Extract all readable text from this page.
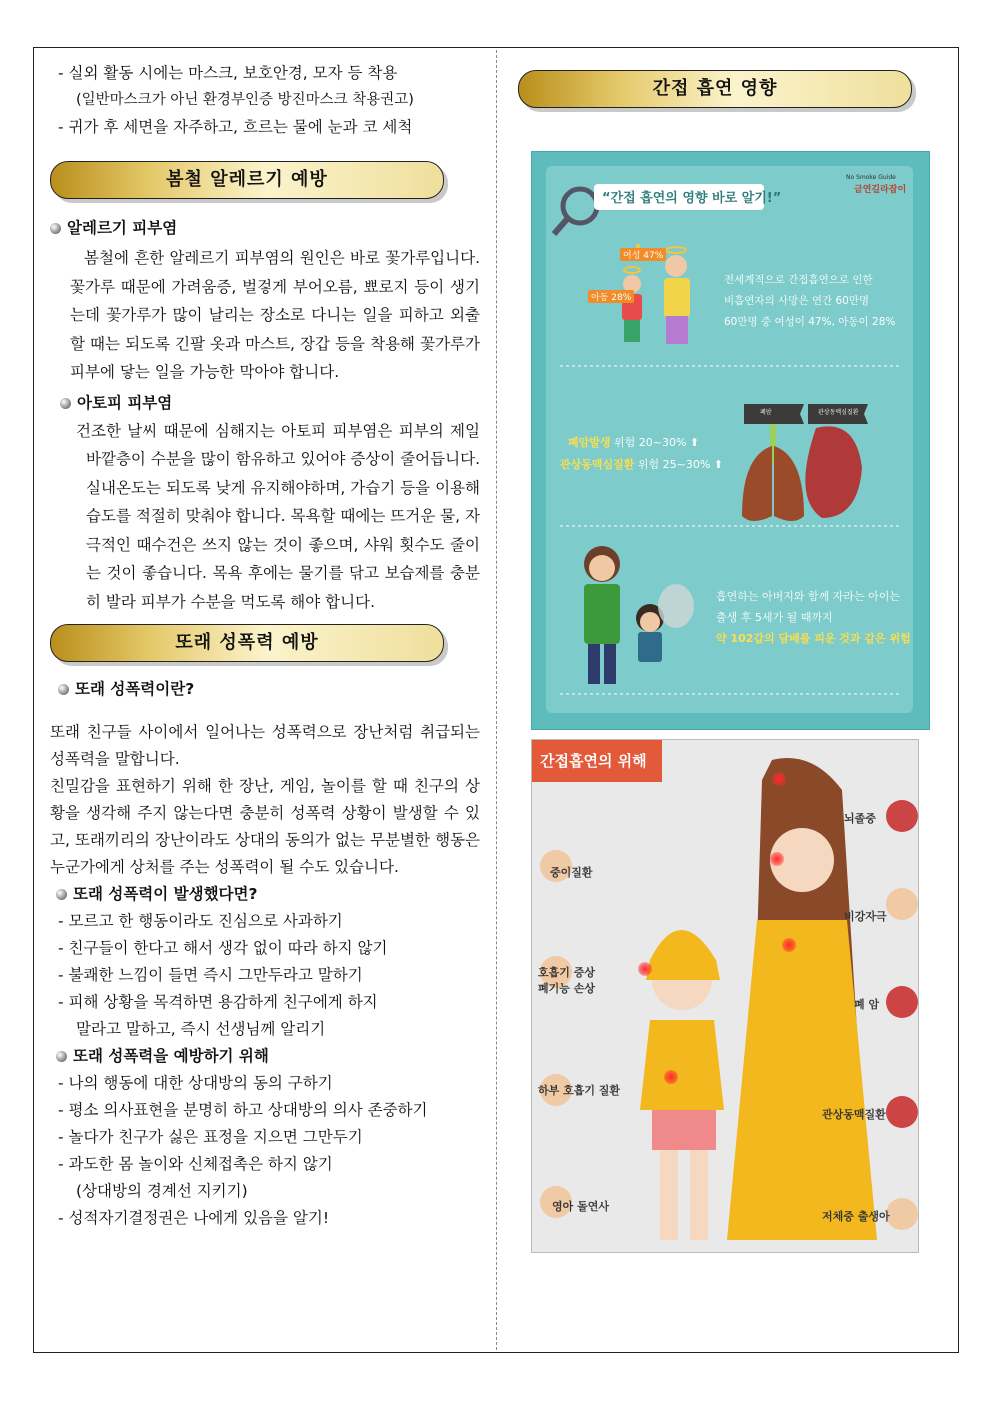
- 실외 활동 시에는 마스크, 보호안경, 모자 등 착용
(일반마스크가 아닌 환경부인증 방진마스크 착용권고)
- 귀가 후 세면을 자주하고, 흐르는 물에 눈과 코 세척
봄철 알레르기 예방
알레르기 피부염
봄철에 흔한 알레르기 피부염의 원인은 바로 꽃가루입니다. 꽃가루 때문에 가려움증, 벌겋게 부어오름, 뾰로지 등이 생기는데 꽃가루가 많이 날리는 장소로 다니는 일을 피하고 외출할 때는 되도록 긴팔 옷과 마스트, 장갑 등을 착용해 꽃가루가 피부에 닿는 일을 가능한 막아야 합니다.
아토피 피부염
건조한 날씨 때문에 심해지는 아토피 피부염은 피부의 제일 바깥층이 수분을 많이 함유하고 있어야 증상이 줄어듭니다. 실내온도는 되도록 낮게 유지해야하며, 가습기 등을 이용해 습도를 적절히 맞춰야 합니다. 목욕할 때에는 뜨거운 물, 자극적인 때수건은 쓰지 않는 것이 좋으며, 샤워 횟수도 줄이는 것이 좋습니다. 목욕 후에는 물기를 닦고 보습제를 충분히 발라 피부가 수분을 먹도록 해야 합니다.
또래 성폭력 예방
또래 성폭력이란?
또래 친구들 사이에서 일어나는 성폭력으로 장난처럼 취급되는 성폭력을 말합니다.
친밀감을 표현하기 위해 한 장난, 게임, 놀이를 할 때 친구의 상황을 생각해 주지 않는다면 충분히 성폭력 상황이 발생할 수 있고, 또래끼리의 장난이라도 상대의 동의가 없는 무분별한 행동은 누군가에게 상처를 주는 성폭력이 될 수도 있습니다.
또래 성폭력이 발생했다면?
- 모르고 한 행동이라도 진심으로 사과하기
- 친구들이 한다고 해서 생각 없이 따라 하지 않기
- 불쾌한 느낌이 들면 즉시 그만두라고 말하기
- 피해 상황을 목격하면 용감하게 친구에게 하지
말라고 말하고, 즉시 선생님께 알리기
또래 성폭력을 예방하기 위해
- 나의 행동에 대한 상대방의 동의 구하기
- 평소 의사표현을 분명히 하고 상대방의 의사 존중하기
- 놀다가 친구가 싫은 표정을 지으면 그만두기
- 과도한 몸 놀이와 신체접촉은 하지 않기
(상대방의 경계선 지키기)
- 성적자기결정권은 나에게 있음을 알기!
간접 흡연 영향
“간접 흡연의 영향 바로 알기!”
No Smoke Guide
금연길라잡이
여성 47%
아동 28%
전세계적으로 간접흡연으로 인한
비흡연자의 사망은 연간 60만명
60만명 중 여성이 47%, 아동이 28%
폐암	관상동맥심질환
폐암발생 위험 20~30% ⬆
관상동맥심질환 위험 25~30% ⬆
흡연하는 아버지와 함께 자라는 아이는
출생 후 5세가 될 때까지
약 102갑의 담배를 피운 것과 같은 위험
간접흡연의 위해
중이질환
호흡기 증상
폐기능 손상
하부 호흡기 질환
영아 돌연사
뇌졸중
비강자극
폐 암
관상동맥질환
저체중 출생아
